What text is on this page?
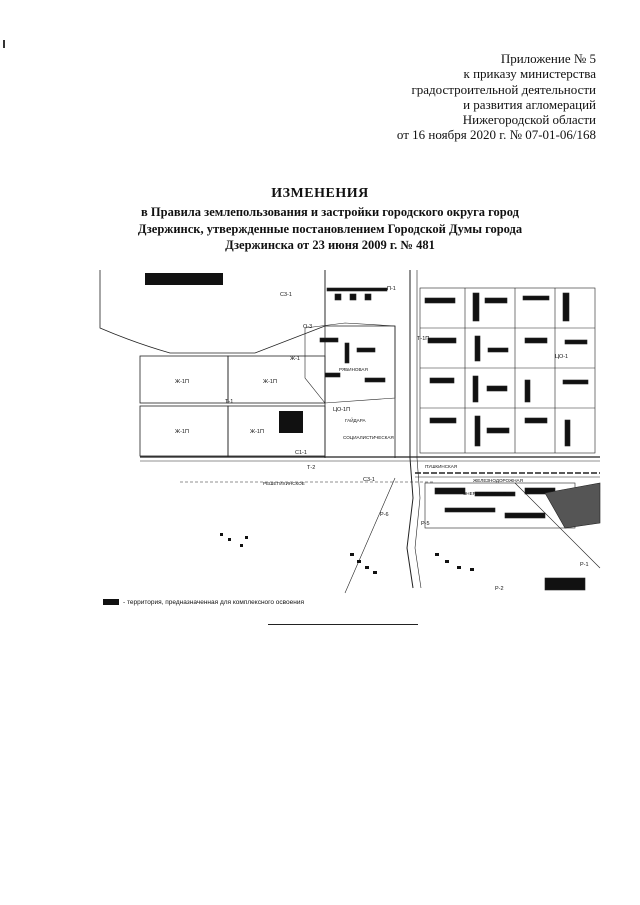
Приложение № 5
к приказу министерства
градостроительной деятельности
и развития агломераций
Нижегородской области
от 16 ноября 2020 г. № 07-01-06/168
ИЗМЕНЕНИЯ
в Правила землепользования и застройки городского округа город
Дзержинск, утвержденные постановлением Городской Думы города
Дзержинска от 23 июня 2009 г. № 481
С3-1
Ж-1П	Ж-1П
Ж-1П	Ж-1П
О-3
Ж-1
Т-1
Т-1П
ЦО-1П
ЦО-1
С1-1
Т-2
С3-1
Р-6
Р-5
Р-1
П-1
Р-2
РЕШЕТИХИНСКОЕ
ГАЙДАРА
СОЦИАЛИСТИЧЕСКАЯ
РЯБИНОВАЯ
ЖЕЛЕЗНОДОРОЖНАЯ
ЭНЕРГЕТИЧЕСКАЯ
ПУШКИНСКАЯ
- территория, предназначенная для комплексного освоения
